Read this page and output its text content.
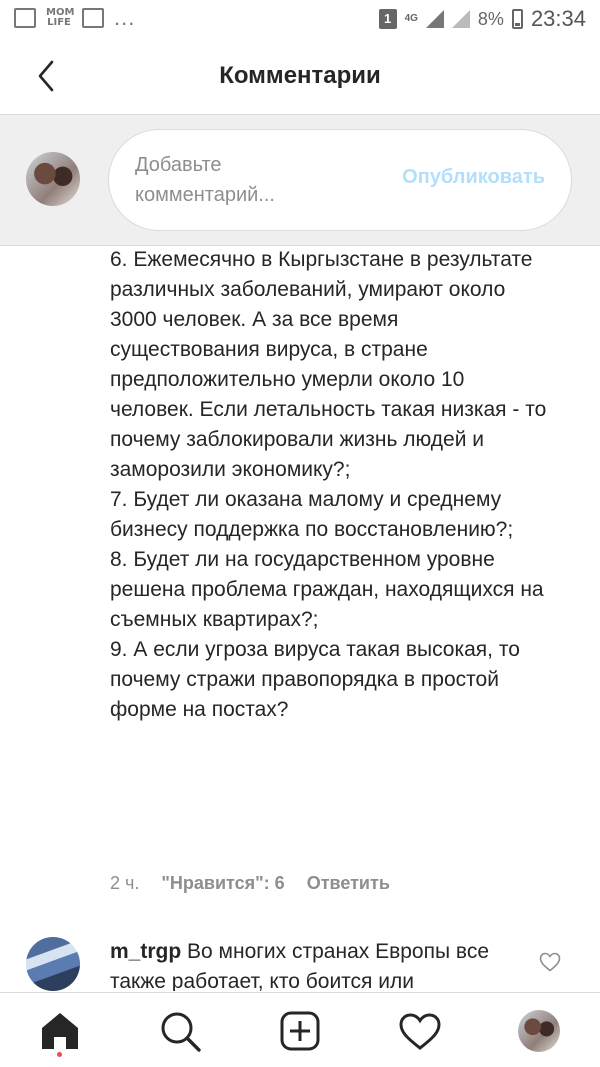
MOM LIFE ...	1	4G	8% 23:34
Комментарии
Добавьте комментарий...
Опубликовать
6. Ежемесячно в Кыргызстане в результате различных заболеваний, умирают около 3000 человек. А за все время существования вируса, в стране предположительно умерли около 10 человек. Если летальность такая низкая - то почему заблокировали жизнь людей и заморозили экономику?;
7. Будет ли оказана малому и среднему бизнесу поддержка по восстановлению?;
8. Будет ли на государственном уровне решена проблема граждан, находящихся на съемных квартирах?;
9. А если угроза вируса такая высокая, то почему стражи правопорядка в простой форме на постах?
2 ч. "Нравится": 6 Ответить
m_trgp Во многих странах Европы все также работает, кто боится или
